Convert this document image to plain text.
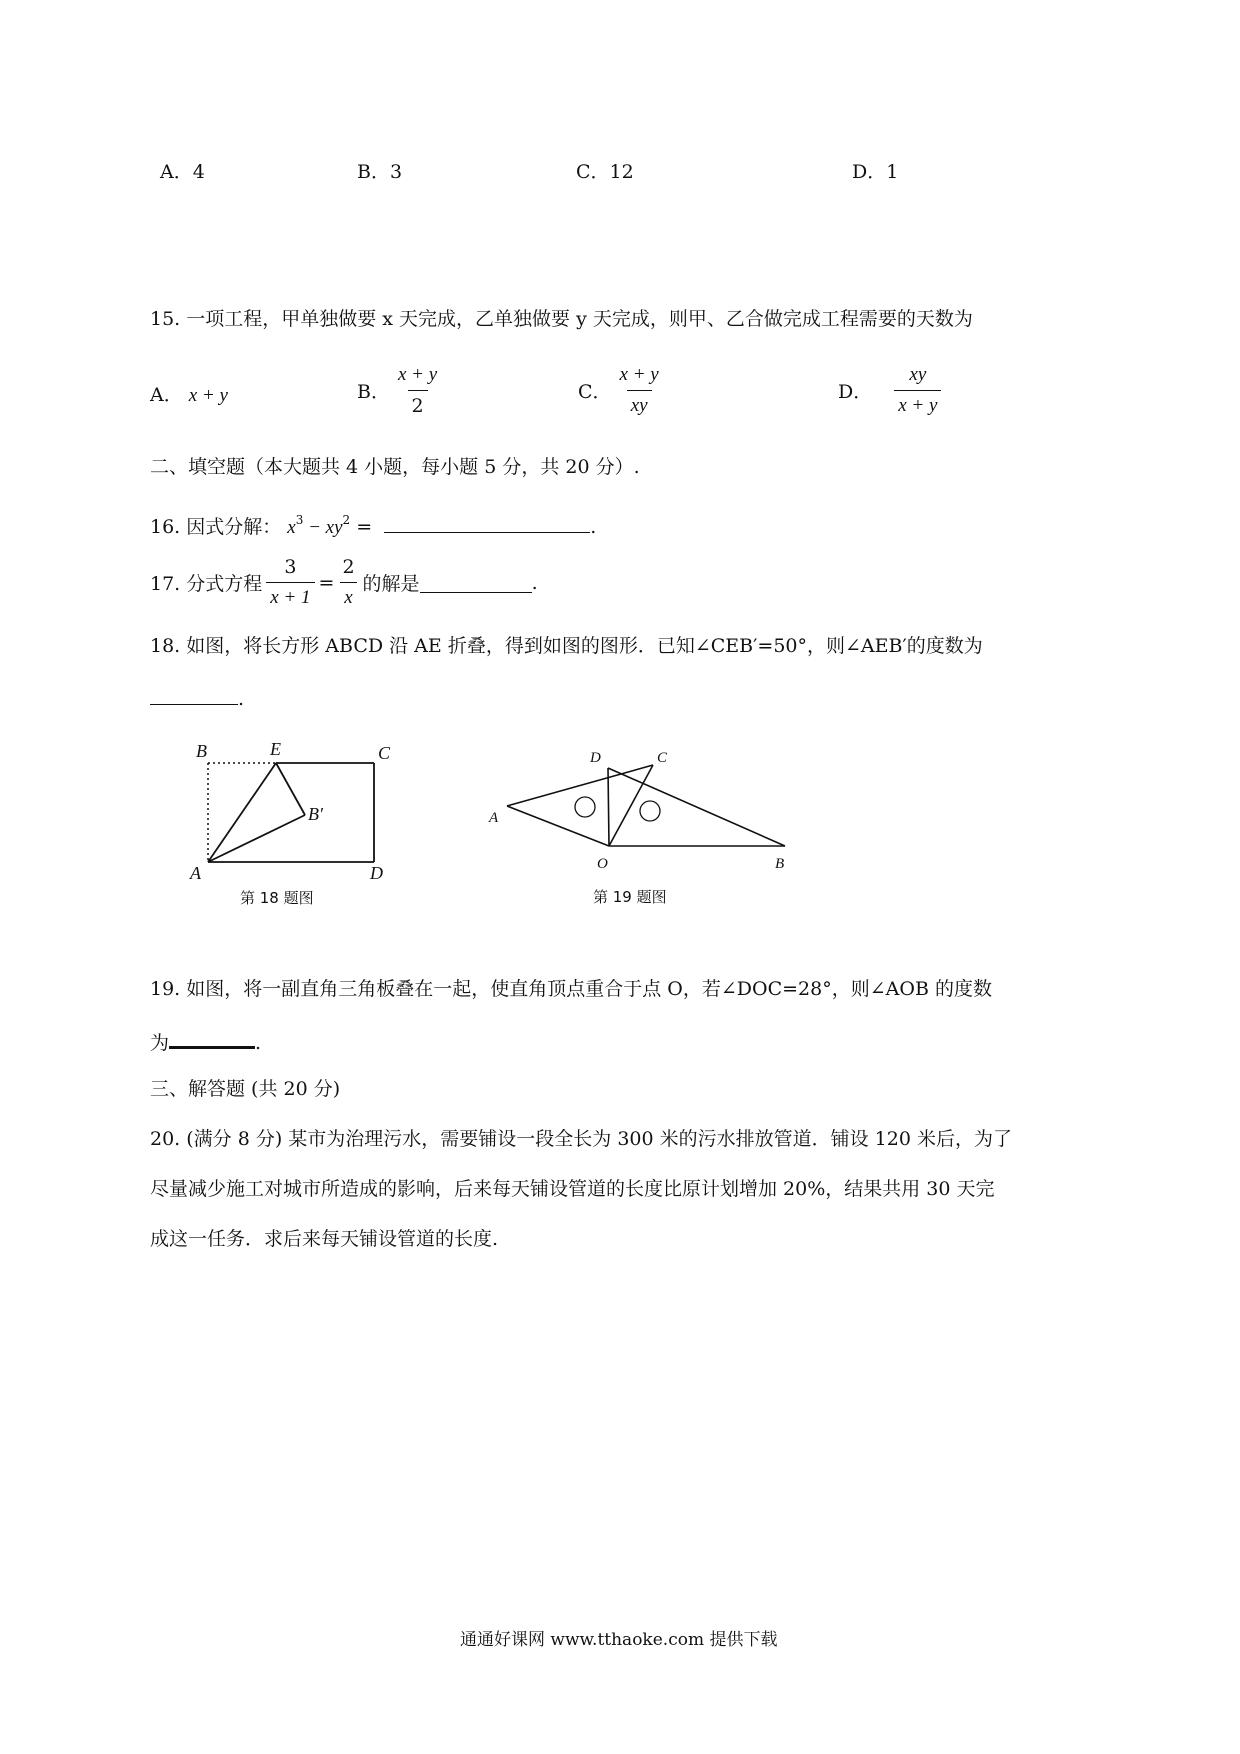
A．4	B．3	C．12	D．1
15. 一项工程，甲单独做要 x 天完成，乙单独做要 y 天完成，则甲、乙合做完成工程需要的天数为
A． x + y	B． $\frac{x + y}{2}$	C． $\frac{x + y}{xy}$	D． $\frac{xy}{x + y}$
二、填空题（本大题共 4 小题，每小题 5 分，共 20 分）.
16. 因式分解： $x^3 - xy^2$ =	.
17. 分式方程 $\frac{3}{x + 1} = \frac{2}{x}$ 的解是	.
18. 如图，将长方形 ABCD 沿 AE 折叠，得到如图的图形．已知∠CEB′=50°，则∠AEB′的度数为
.
B	E	C
B′
A	D
第 18 题图
D	C
A
O	B
第 19 题图
19. 如图，将一副直角三角板叠在一起，使直角顶点重合于点 O，若∠DOC=28°，则∠AOB 的度数
为	.
三、解答题 (共 20 分)
20. (满分 8 分) 某市为治理污水，需要铺设一段全长为 300 米的污水排放管道．铺设 120 米后，为了
尽量减少施工对城市所造成的影响，后来每天铺设管道的长度比原计划增加 20%，结果共用 30 天完
成这一任务．求后来每天铺设管道的长度.
通通好课网 www.tthaoke.com 提供下载
